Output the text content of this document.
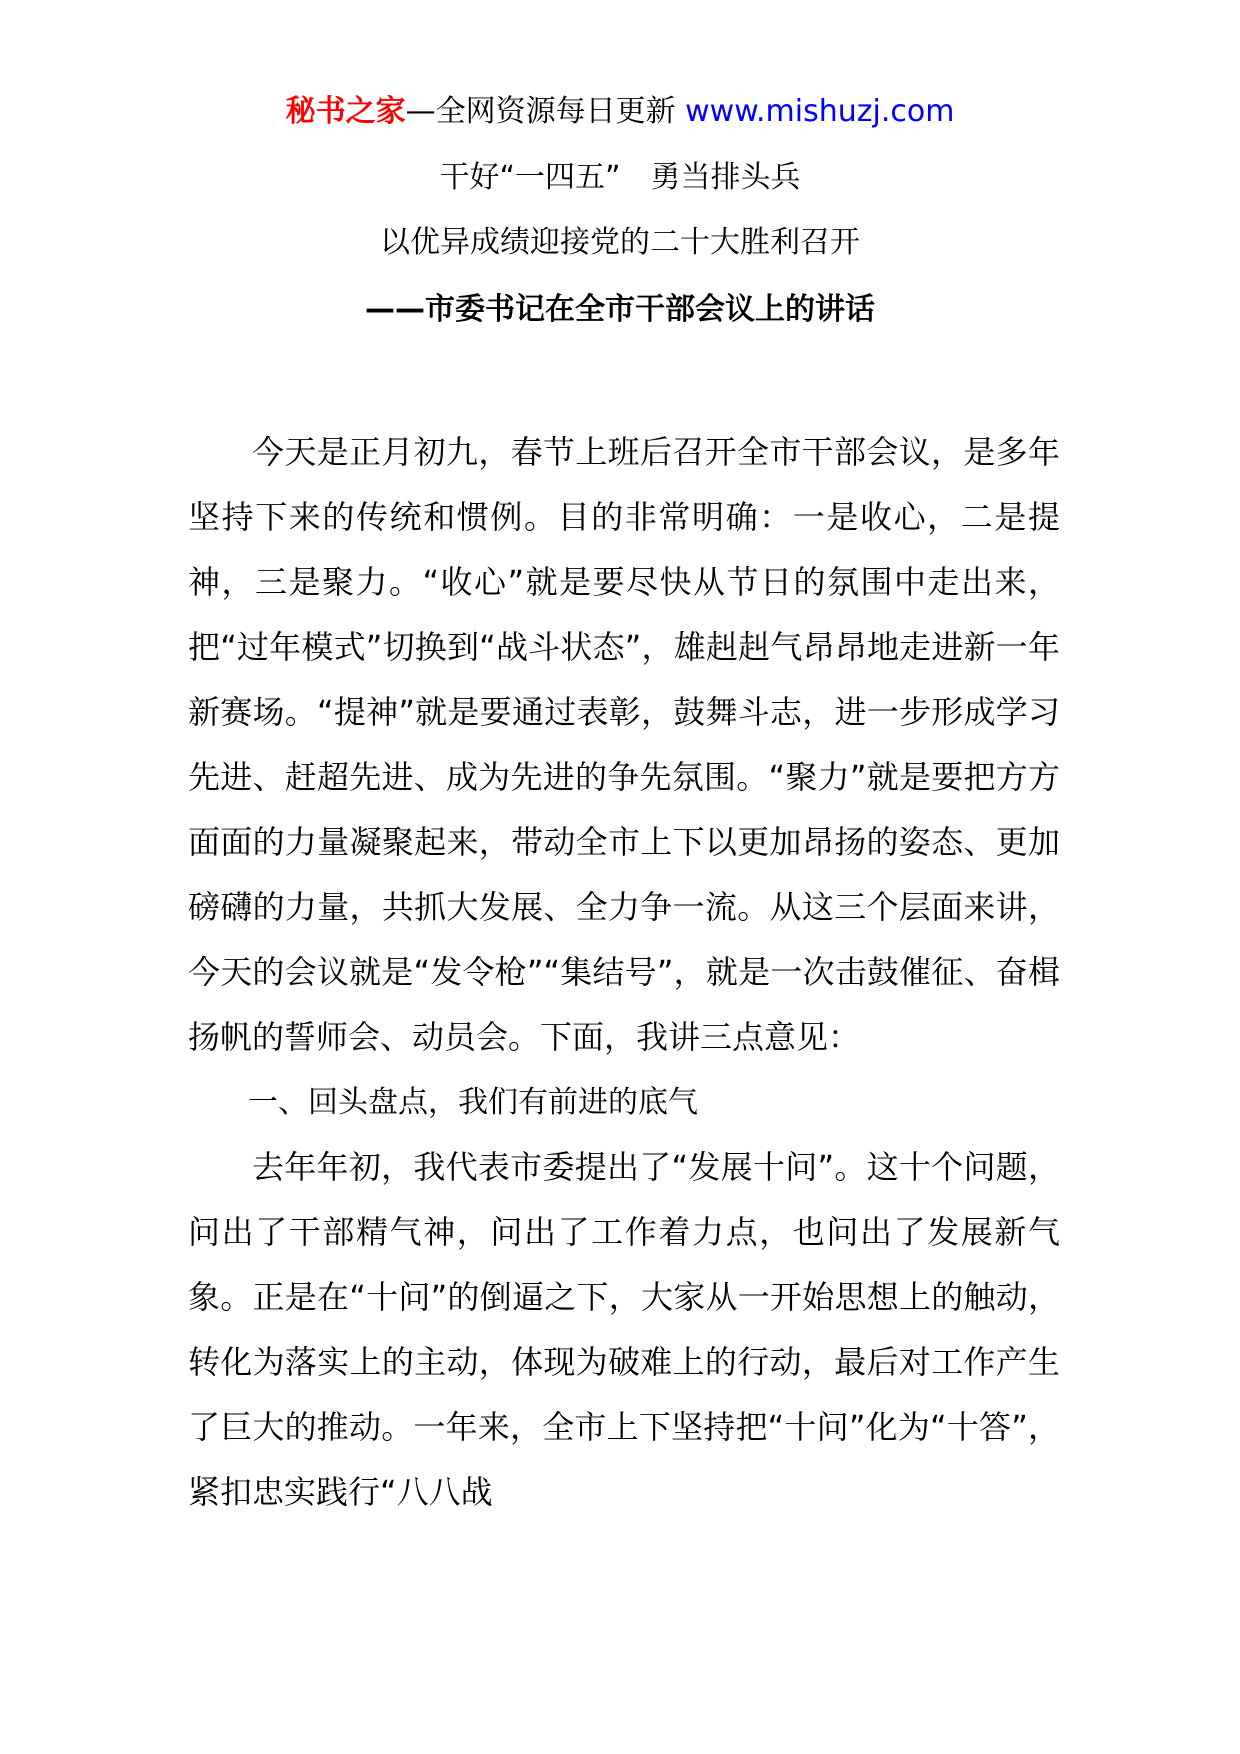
秘书之家—全网资源每日更新 www.mishuzj.com
干好“一四五”　勇当排头兵
以优异成绩迎接党的二十大胜利召开
——市委书记在全市干部会议上的讲话

今天是正月初九，春节上班后召开全市干部会议，是多年坚持下来的传统和惯例。目的非常明确：一是收心，二是提神，三是聚力。“收心”就是要尽快从节日的氛围中走出来，把“过年模式”切换到“战斗状态”，雄赳赳气昂昂地走进新一年新赛场。“提神”就是要通过表彰，鼓舞斗志，进一步形成学习先进、赶超先进、成为先进的争先氛围。“聚力”就是要把方方面面的力量凝聚起来，带动全市上下以更加昂扬的姿态、更加磅礴的力量，共抓大发展、全力争一流。从这三个层面来讲，今天的会议就是“发令枪”“集结号”，就是一次击鼓催征、奋楫扬帆的誓师会、动员会。下面，我讲三点意见：

一、回头盘点，我们有前进的底气

去年年初，我代表市委提出了“发展十问”。这十个问题，问出了干部精气神，问出了工作着力点，也问出了发展新气象。正是在“十问”的倒逼之下，大家从一开始思想上的触动，转化为落实上的主动，体现为破难上的行动，最后对工作产生了巨大的推动。一年来，全市上下坚持把“十问”化为“十答”，紧扣忠实践行“八八战
